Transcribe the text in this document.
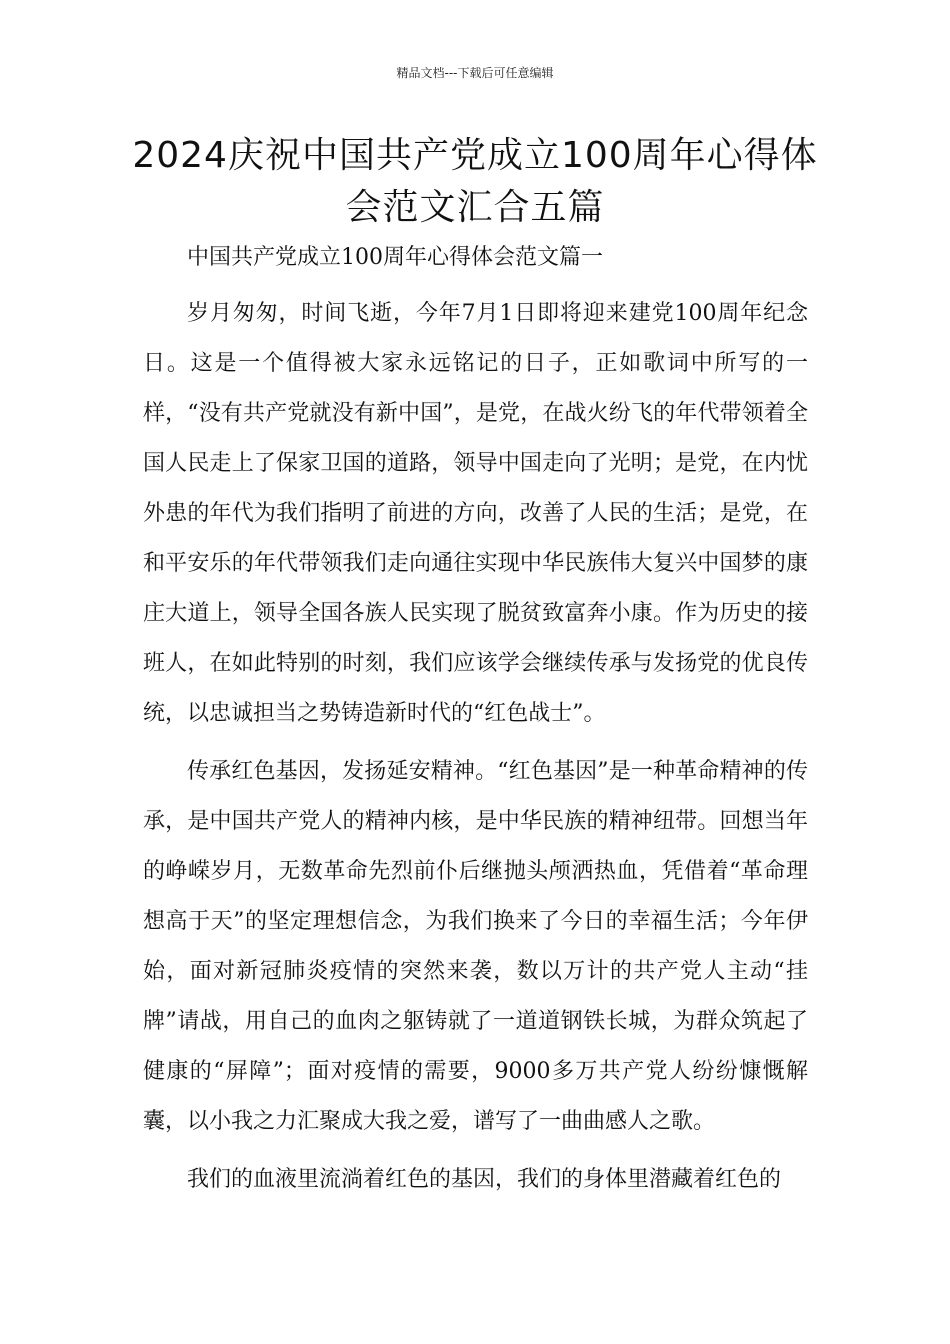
精品文档---下载后可任意编辑
2024庆祝中国共产党成立100周年心得体会范文汇合五篇

中国共产党成立100周年心得体会范文篇一

岁月匆匆，时间飞逝，今年7月1日即将迎来建党100周年纪念日。这是一个值得被大家永远铭记的日子，正如歌词中所写的一样，“没有共产党就没有新中国”，是党，在战火纷飞的年代带领着全国人民走上了保家卫国的道路，领导中国走向了光明；是党，在内忧外患的年代为我们指明了前进的方向，改善了人民的生活；是党，在和平安乐的年代带领我们走向通往实现中华民族伟大复兴中国梦的康庄大道上，领导全国各族人民实现了脱贫致富奔小康。作为历史的接班人，在如此特别的时刻，我们应该学会继续传承与发扬党的优良传统，以忠诚担当之势铸造新时代的“红色战士”。

传承红色基因，发扬延安精神。“红色基因”是一种革命精神的传承，是中国共产党人的精神内核，是中华民族的精神纽带。回想当年的峥嵘岁月，无数革命先烈前仆后继抛头颅洒热血，凭借着“革命理想高于天”的坚定理想信念，为我们换来了今日的幸福生活；今年伊始，面对新冠肺炎疫情的突然来袭，数以万计的共产党人主动“挂牌”请战，用自己的血肉之躯铸就了一道道钢铁长城，为群众筑起了健康的“屏障”；面对疫情的需要，9000多万共产党人纷纷慷慨解囊，以小我之力汇聚成大我之爱，谱写了一曲曲感人之歌。

我们的血液里流淌着红色的基因，我们的身体里潜藏着红色的
